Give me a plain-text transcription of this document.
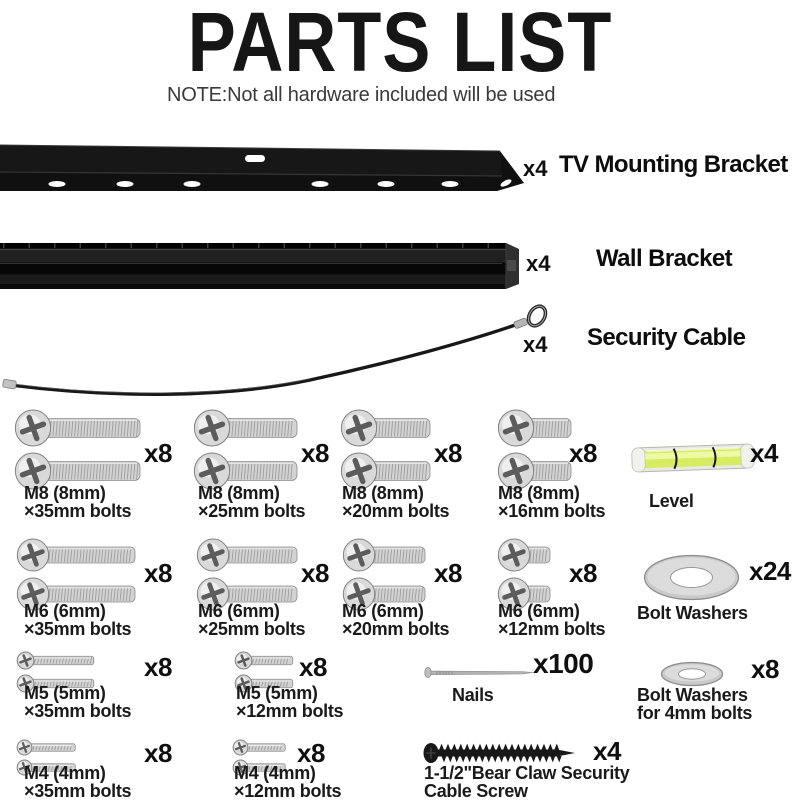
PARTS LIST
NOTE:Not all hardware included will be used
x4 TV Mounting Bracket
x4 Wall Bracket
x4 Security Cable
x8
M8 (8mm)
×35mm bolts
x8
M8 (8mm)
×25mm bolts
x8
M8 (8mm)
×20mm bolts
x8
M8 (8mm)
×16mm bolts
x4
Level
x8
M6 (6mm)
×35mm bolts
x8
M6 (6mm)
×25mm bolts
x8
M6 (6mm)
×20mm bolts
x8
M6 (6mm)
×12mm bolts
x24
Bolt Washers
x8
M5 (5mm)
×35mm bolts
x8
M5 (5mm)
×12mm bolts
x100
Nails
x8
Bolt Washers
for 4mm bolts
x8
M4 (4mm)
×35mm bolts
x8
M4 (4mm)
×12mm bolts
x4
1-1/2"Bear Claw Security
Cable Screw
